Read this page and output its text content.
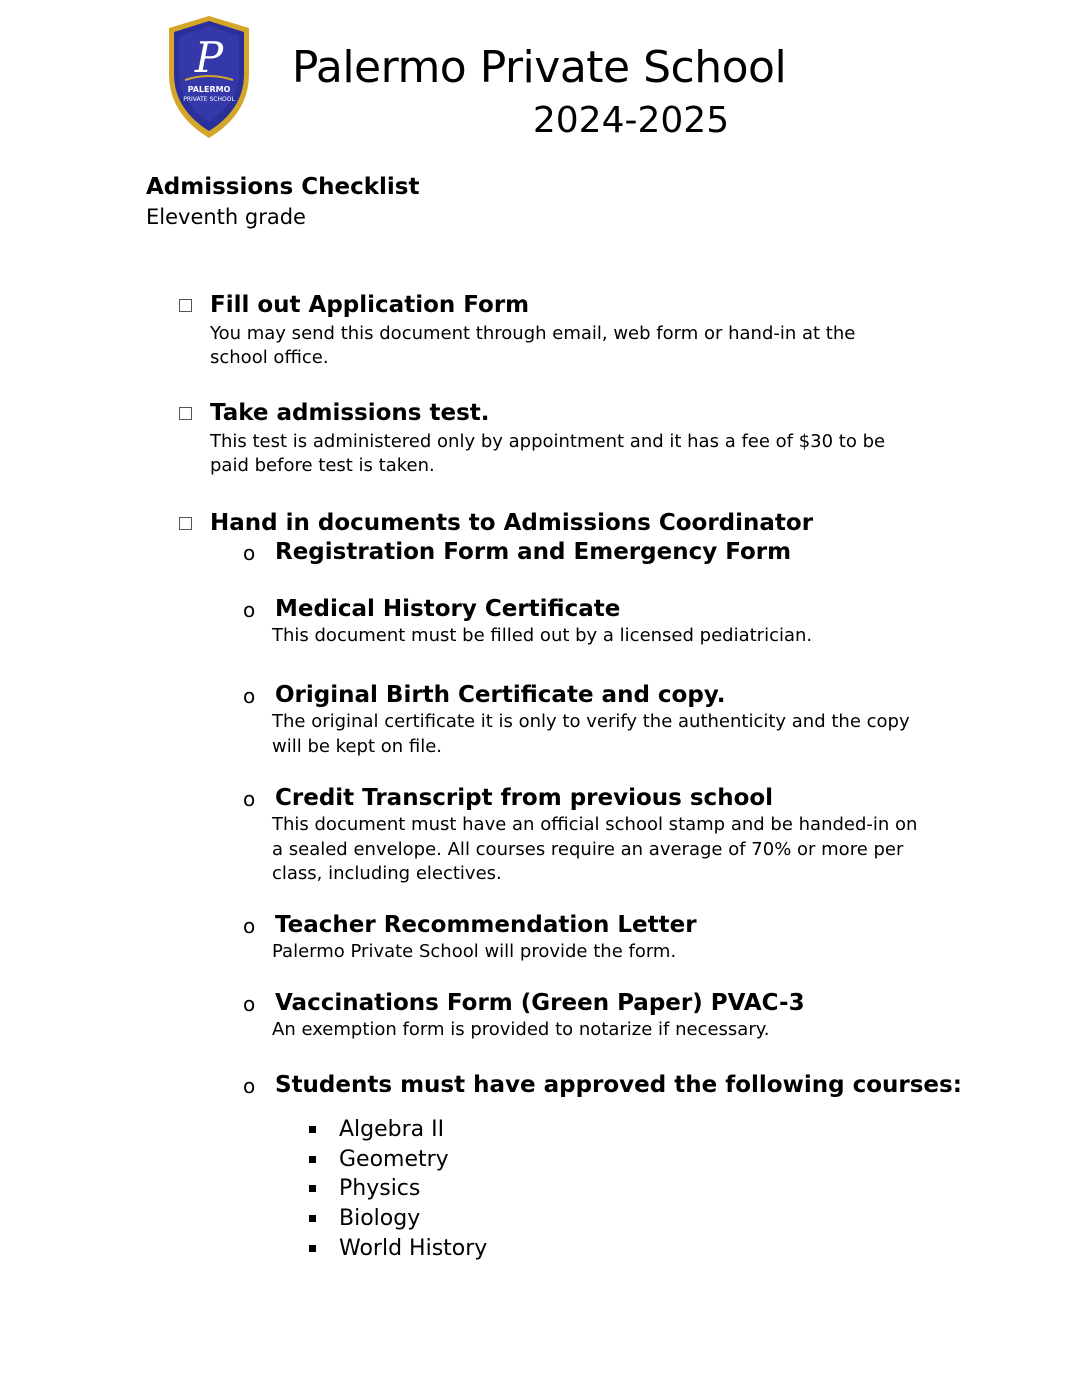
P
PALERMO
PRIVATE SCHOOL
Palermo Private School
2024-2025

Admissions Checklist

Eleventh grade

Fill out Application Form
You may send this document through email, web form or hand-in at the school office.
Take admissions test.
This test is administered only by appointment and it has a fee of $30 to be paid before test is taken.
Hand in documents to Admissions Coordinator
o Registration Form and Emergency Form
o Medical History Certificate
This document must be filled out by a licensed pediatrician.
o Original Birth Certificate and copy.
The original certificate it is only to verify the authenticity and the copy will be kept on file.
o Credit Transcript from previous school
This document must have an official school stamp and be handed-in on a sealed envelope. All courses require an average of 70% or more per class, including electives.
o Teacher Recommendation Letter
Palermo Private School will provide the form.
o Vaccinations Form (Green Paper) PVAC-3
An exemption form is provided to notarize if necessary.
o Students must have approved the following courses:
Algebra II
Geometry
Physics
Biology
World History
